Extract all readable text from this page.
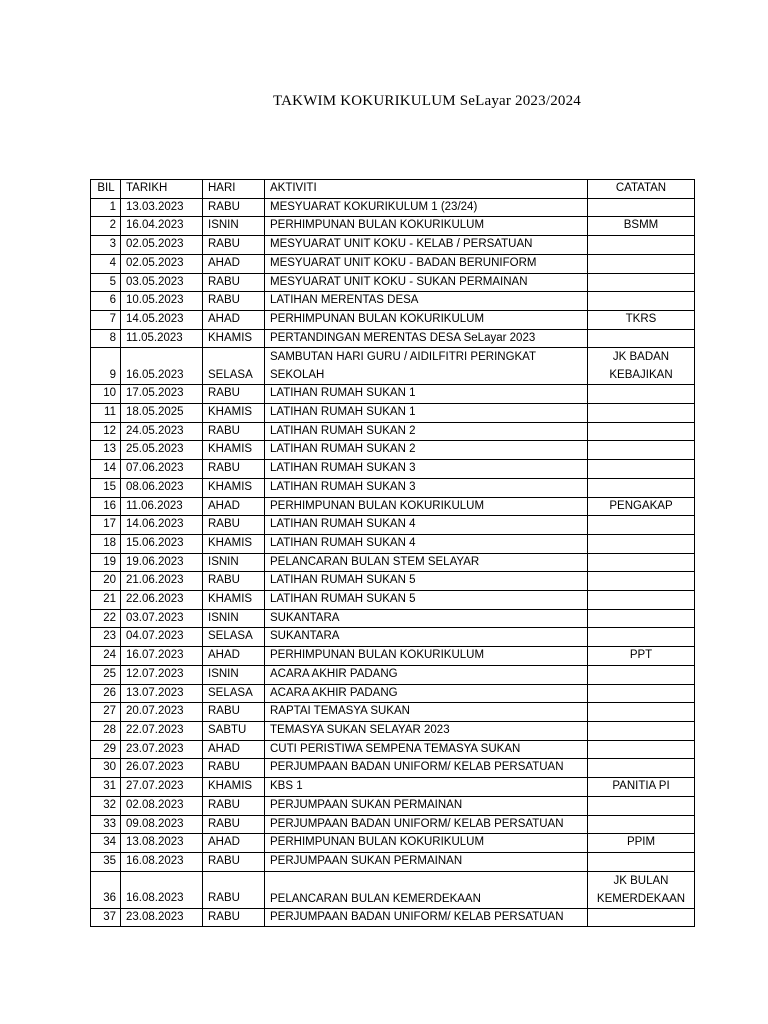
TAKWIM KOKURIKULUM SeLayar 2023/2024
BIL	TARIKH	HARI	AKTIVITI	CATATAN
1	13.03.2023	RABU	MESYUARAT KOKURIKULUM 1 (23/24)	
2	16.04.2023	ISNIN	PERHIMPUNAN BULAN KOKURIKULUM	BSMM
3	02.05.2023	RABU	MESYUARAT UNIT KOKU - KELAB / PERSATUAN	
4	02.05.2023	AHAD	MESYUARAT UNIT KOKU - BADAN BERUNIFORM	
5	03.05.2023	RABU	MESYUARAT UNIT KOKU - SUKAN PERMAINAN	
6	10.05.2023	RABU	LATIHAN MERENTAS DESA	
7	14.05.2023	AHAD	PERHIMPUNAN BULAN KOKURIKULUM	TKRS
8	11.05.2023	KHAMIS	PERTANDINGAN MERENTAS DESA SeLayar 2023	
9	16.05.2023	SELASA	SAMBUTAN HARI GURU / AIDILFITRI PERINGKAT SEKOLAH	JK BADAN KEBAJIKAN
10	17.05.2023	RABU	LATIHAN RUMAH SUKAN 1	
11	18.05.2025	KHAMIS	LATIHAN RUMAH SUKAN 1	
12	24.05.2023	RABU	LATIHAN RUMAH SUKAN 2	
13	25.05.2023	KHAMIS	LATIHAN RUMAH SUKAN 2	
14	07.06.2023	RABU	LATIHAN RUMAH SUKAN 3	
15	08.06.2023	KHAMIS	LATIHAN RUMAH SUKAN 3	
16	11.06.2023	AHAD	PERHIMPUNAN BULAN KOKURIKULUM	PENGAKAP
17	14.06.2023	RABU	LATIHAN RUMAH SUKAN 4	
18	15.06.2023	KHAMIS	LATIHAN RUMAH SUKAN 4	
19	19.06.2023	ISNIN	PELANCARAN BULAN STEM SELAYAR	
20	21.06.2023	RABU	LATIHAN RUMAH SUKAN 5	
21	22.06.2023	KHAMIS	LATIHAN RUMAH SUKAN 5	
22	03.07.2023	ISNIN	SUKANTARA	
23	04.07.2023	SELASA	SUKANTARA	
24	16.07.2023	AHAD	PERHIMPUNAN BULAN KOKURIKULUM	PPT
25	12.07.2023	ISNIN	ACARA AKHIR PADANG	
26	13.07.2023	SELASA	ACARA AKHIR PADANG	
27	20.07.2023	RABU	RAPTAI TEMASYA SUKAN	
28	22.07.2023	SABTU	TEMASYA SUKAN SELAYAR 2023	
29	23.07.2023	AHAD	CUTI PERISTIWA SEMPENA TEMASYA SUKAN	
30	26.07.2023	RABU	PERJUMPAAN BADAN UNIFORM/ KELAB PERSATUAN	
31	27.07.2023	KHAMIS	KBS 1	PANITIA PI
32	02.08.2023	RABU	PERJUMPAAN SUKAN PERMAINAN	
33	09.08.2023	RABU	PERJUMPAAN BADAN UNIFORM/ KELAB PERSATUAN	
34	13.08.2023	AHAD	PERHIMPUNAN BULAN KOKURIKULUM	PPIM
35	16.08.2023	RABU	PERJUMPAAN SUKAN PERMAINAN	
36	16.08.2023	RABU	PELANCARAN BULAN KEMERDEKAAN	JK BULAN KEMERDEKAAN
37	23.08.2023	RABU	PERJUMPAAN BADAN UNIFORM/ KELAB PERSATUAN	
